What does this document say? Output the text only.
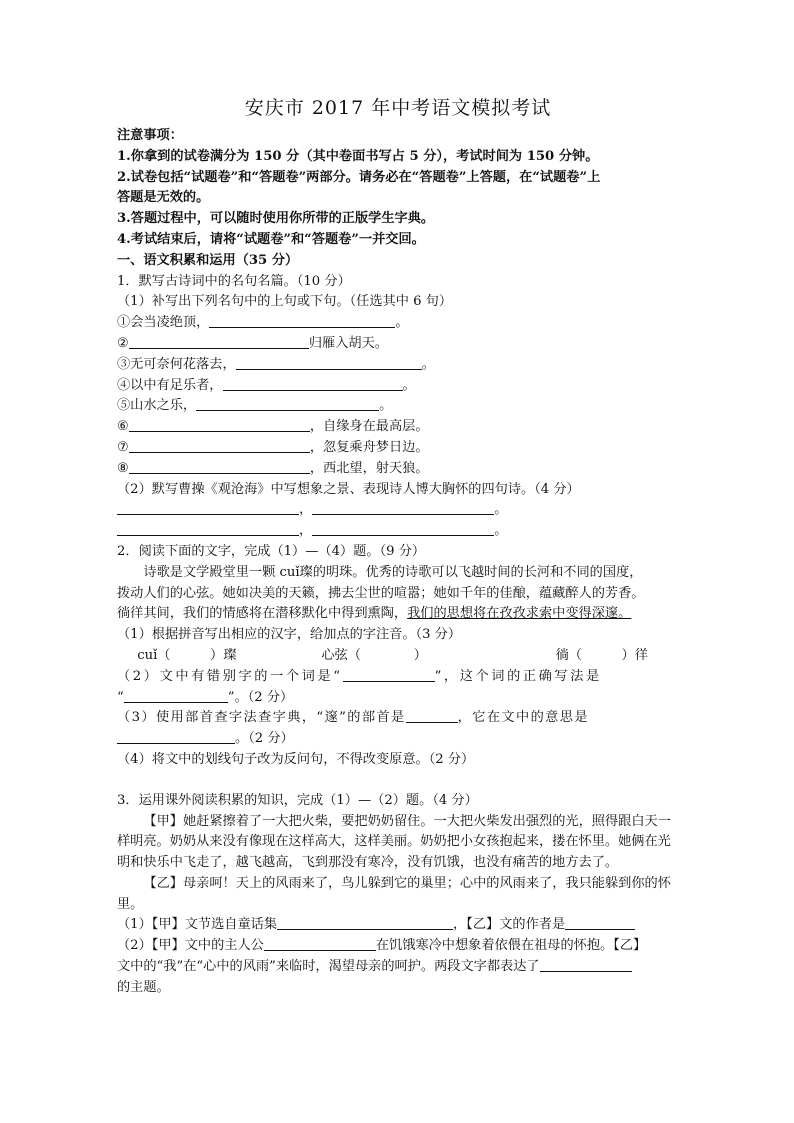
安庆市 2017 年中考语文模拟考试
注意事项：
1.你拿到的试卷满分为 150 分（其中卷面书写占 5 分），考试时间为 150 分钟。
2.试卷包括“试题卷”和“答题卷”两部分。请务必在“答题卷”上答题，在“试题卷”上
答题是无效的。
3.答题过程中，可以随时使用你所带的正版学生字典。
4.考试结束后，请将“试题卷”和“答题卷”一并交回。
一、语文积累和运用（35 分）
1．默写古诗词中的名句名篇。（10 分）
（1）补写出下列名句中的上句或下句。（任选其中 6 句）
①会当凌绝顶，	。
②	归雁入胡天。
③无可奈何花落去，	。
④以中有足乐者，	。
⑤山水之乐，	。
⑥	，自缘身在最高层。
⑦	，忽复乘舟梦日边。
⑧	，西北望，射天狼。
（2）默写曹操《观沧海》中写想象之景、表现诗人博大胸怀的四句诗。（4 分）
，	。
，	。
2．阅读下面的文字，完成（1）—（4）题。（9 分）
诗歌是文学殿堂里一颗 cuǐ璨的明珠。优秀的诗歌可以飞越时间的长河和不同的国度，
拨动人们的心弦。她如决美的天籁，拂去尘世的喧嚣；她如千年的佳酿，蕴藏醉人的芳香。
徜徉其间，我们的情感将在潜移默化中得到熏陶，我们的思想将在孜孜求索中变得深邃。
（1）根据拼音写出相应的汉字，给加点的字注音。（3 分）
cuǐ（　　　）璨	心弦（　　　　）	徜（　　　）徉
（2）文中有错别字的一个词是“	”，这个词的正确写法是
“	”。（2 分）
（3）使用部首查字法查字典，“邃”的部首是	，它在文中的意思是
。（2 分）
（4）将文中的划线句子改为反问句，不得改变原意。（2 分）
3．运用课外阅读积累的知识，完成（1）—（2）题。（4 分）
【甲】她赶紧擦着了一大把火柴，要把奶奶留住。一大把火柴发出强烈的光，照得跟白天一样明亮。奶奶从来没有像现在这样高大，这样美丽。奶奶把小女孩抱起来，搂在怀里。她俩在光明和快乐中飞走了，越飞越高，飞到那没有寒冷，没有饥饿，也没有痛苦的地方去了。
【乙】母亲呵！天上的风雨来了，鸟儿躲到它的巢里；心中的风雨来了，我只能躲到你的怀里。
（1）【甲】文节选自童话集	，【乙】文的作者是
（2）【甲】文中的主人公	在饥饿寒冷中想象着依偎在祖母的怀抱。【乙】
文中的“我”在“心中的风雨”来临时，渴望母亲的呵护。两段文字都表达了
的主题。
